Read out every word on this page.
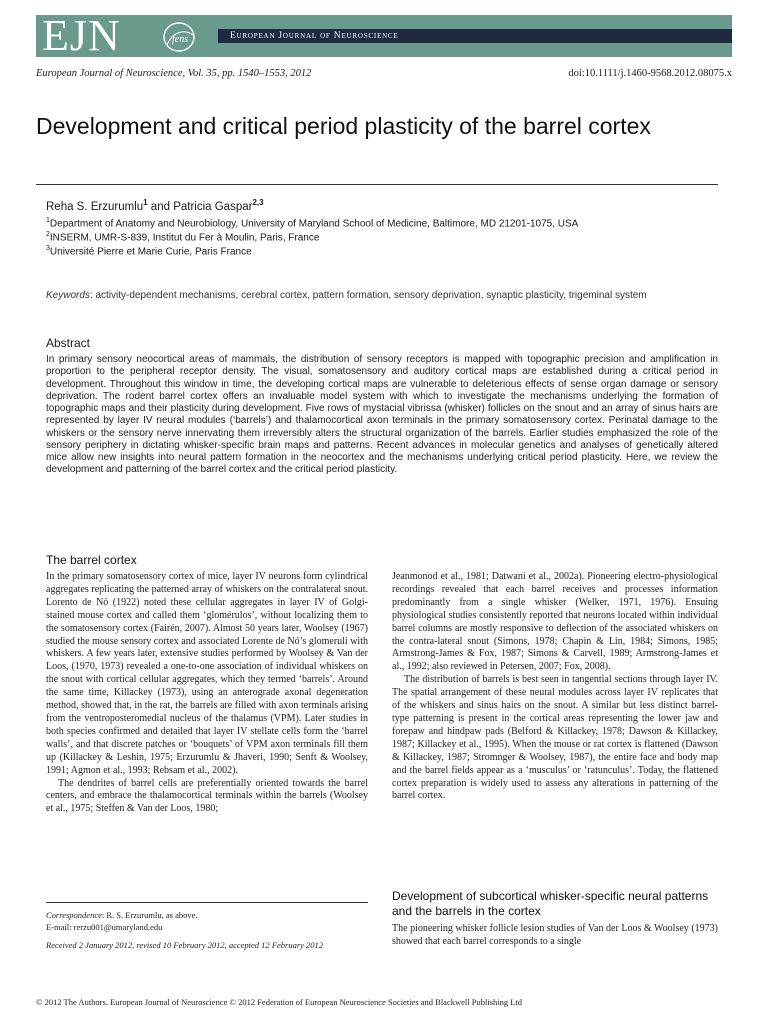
EJN	fens	European Journal of Neuroscience
European Journal of Neuroscience, Vol. 35, pp. 1540–1553, 2012	doi:10.1111/j.1460-9568.2012.08075.x
Development and critical period plasticity of the barrel cortex
Reha S. Erzurumlu$^1$ and Patricia Gaspar$^{2,3}$
$^1$Department of Anatomy and Neurobiology, University of Maryland School of Medicine, Baltimore, MD 21201-1075, USA
$^2$INSERM, UMR-S-839, Institut du Fer à Moulin, Paris, France
$^3$Université Pierre et Marie Curie, Paris France
Keywords: activity-dependent mechanisms, cerebral cortex, pattern formation, sensory deprivation, synaptic plasticity, trigeminal system
Abstract
In primary sensory neocortical areas of mammals, the distribution of sensory receptors is mapped with topographic precision and amplification in proportion to the peripheral receptor density. The visual, somatosensory and auditory cortical maps are established during a critical period in development. Throughout this window in time, the developing cortical maps are vulnerable to deleterious effects of sense organ damage or sensory deprivation. The rodent barrel cortex offers an invaluable model system with which to investigate the mechanisms underlying the formation of topographic maps and their plasticity during development. Five rows of mystacial vibrissa (whisker) follicles on the snout and an array of sinus hairs are represented by layer IV neural modules (‘barrels’) and thalamocortical axon terminals in the primary somatosensory cortex. Perinatal damage to the whiskers or the sensory nerve innervating them irreversibly alters the structural organization of the barrels. Earlier studies emphasized the role of the sensory periphery in dictating whisker-specific brain maps and patterns. Recent advances in molecular genetics and analyses of genetically altered mice allow new insights into neural pattern formation in the neocortex and the mechanisms underlying critical period plasticity. Here, we review the development and patterning of the barrel cortex and the critical period plasticity.
The barrel cortex

In the primary somatosensory cortex of mice, layer IV neurons form cylindrical aggregates replicating the patterned array of whiskers on the contralateral snout. Lorento de Nó (1922) noted these cellular aggregates in layer IV of Golgi-stained mouse cortex and called them ‘glomérulos’, without localizing them to the somatosensory cortex (Fairén, 2007). Almost 50 years later, Woolsey (1967) studied the mouse sensory cortex and associated Lorente de Nó’s glomeruli with whiskers. A few years later, extensive studies performed by Woolsey & Van der Loos, (1970, 1973) revealed a one-to-one association of individual whiskers on the snout with cortical cellular aggregates, which they termed ‘barrels’. Around the same time, Killackey (1973), using an anterograde axonal degeneration method, showed that, in the rat, the barrels are filled with axon terminals arising from the ventroposteromedial nucleus of the thalamus (VPM). Later studies in both species confirmed and detailed that layer IV stellate cells form the ‘barrel walls’, and that discrete patches or ‘bouquets’ of VPM axon terminals fill them up (Killackey & Leshin, 1975; Erzurumlu & Jhaveri, 1990; Senft & Woolsey, 1991; Agmon et al., 1993; Rebsam et al., 2002).

The dendrites of barrel cells are preferentially oriented towards the barrel centers, and embrace the thalamocortical terminals within the barrels (Woolsey et al., 1975; Steffen & Van der Loos, 1980;

Jeanmonod et al., 1981; Datwani et al., 2002a). Pioneering electro-physiological recordings revealed that each barrel receives and processes information predominantly from a single whisker (Welker, 1971, 1976). Ensuing physiological studies consistently reported that neurons located within individual barrel columns are mostly responsive to deflection of the associated whiskers on the contra-lateral snout (Simons, 1978; Chapin & Lin, 1984; Simons, 1985; Armstrong-James & Fox, 1987; Simons & Carvell, 1989; Armstrong-James et al., 1992; also reviewed in Petersen, 2007; Fox, 2008).

The distribution of barrels is best seen in tangential sections through layer IV. The spatial arrangement of these neural modules across layer IV replicates that of the whiskers and sinus hairs on the snout. A similar but less distinct barrel-type patterning is present in the cortical areas representing the lower jaw and forepaw and hindpaw pads (Belford & Killackey, 1978; Dawson & Killackey, 1987; Killackey et al., 1995). When the mouse or rat cortex is flattened (Dawson & Killackey, 1987; Stromnger & Woolsey, 1987), the entire face and body map and the barrel fields appear as a ‘musculus’ or ‘ratunculus’. Today, the flattened cortex preparation is widely used to assess any alterations in patterning of the barrel cortex.

Development of subcortical whisker-specific neural patterns and the barrels in the cortex

The pioneering whisker follicle lesion studies of Van der Loos & Woolsey (1973) showed that each barrel corresponds to a single

Correspondence: R. S. Erzurumlu, as above.
E-mail: rerzu001@umaryland.edu
Received 2 January 2012, revised 10 February 2012, accepted 12 February 2012
© 2012 The Authors. European Journal of Neuroscience © 2012 Federation of European Neuroscience Societies and Blackwell Publishing Ltd
